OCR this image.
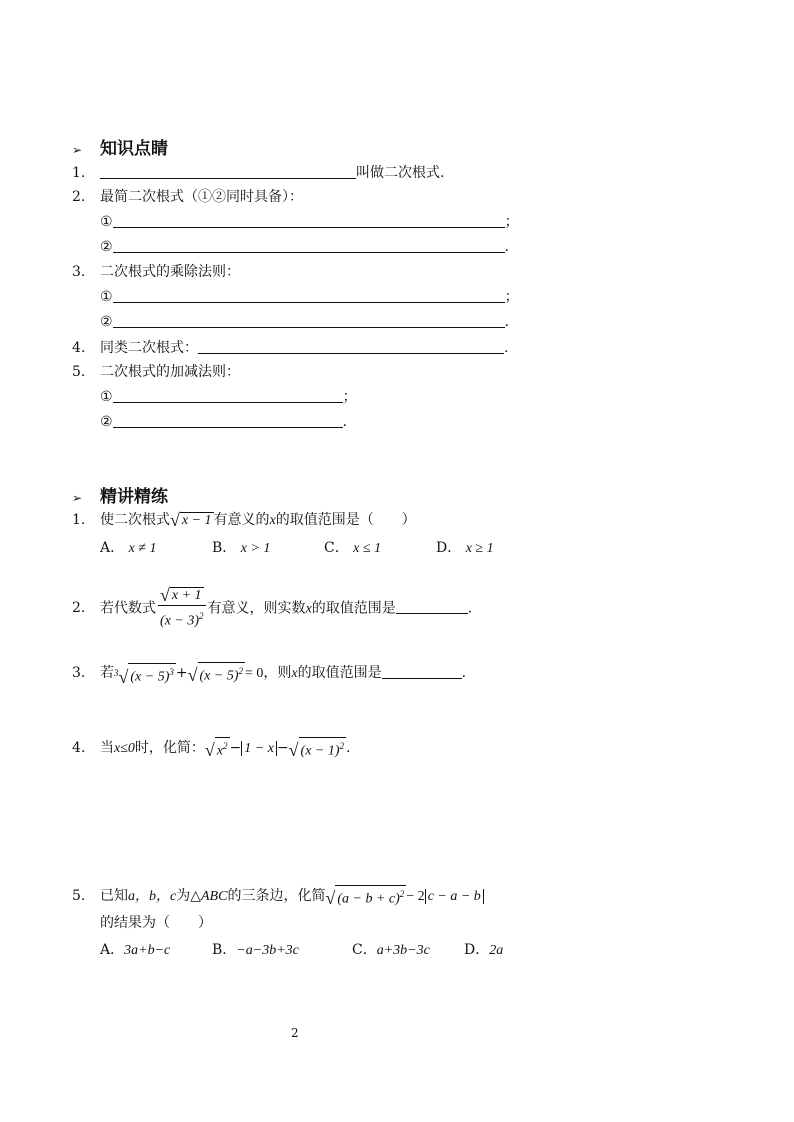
➢ 知识点睛
1.	叫做二次根式.
2. 最简二次根式（①②同时具备）：
①	；
②	.
3. 二次根式的乘除法则：
①	；
②	.
4. 同类二次根式：	.
5. 二次根式的加减法则：
①	；
②	.
➢ 精讲精练
1. 使二次根式 √ x − 1 有意义的x的取值范围是（　　）
A． x ≠ 1	B． x > 1	C． x ≤ 1	D． x ≥ 1
2. 若代数式 $\frac{√ x + 1}{(x - 3)^2}$ 有意义，则实数x的取值范围是	.
3. 若 3 √ $(x - 5)^3$ + √ $(x - 5)^2 = 0$，则x的取值范围是	.
4. 当x≤0时，化简： √ $x^2 - 1 - x$ − √ $(x - 1)^2$ .
5. 已知a，b，c为△ABC的三条边，化简 √ $(a - b + c)^2 - 2$ c − a − b
的结果为（　　）
A．3a+b−c	B．−a−3b+3c	C．a+3b−3c D．2a
2
